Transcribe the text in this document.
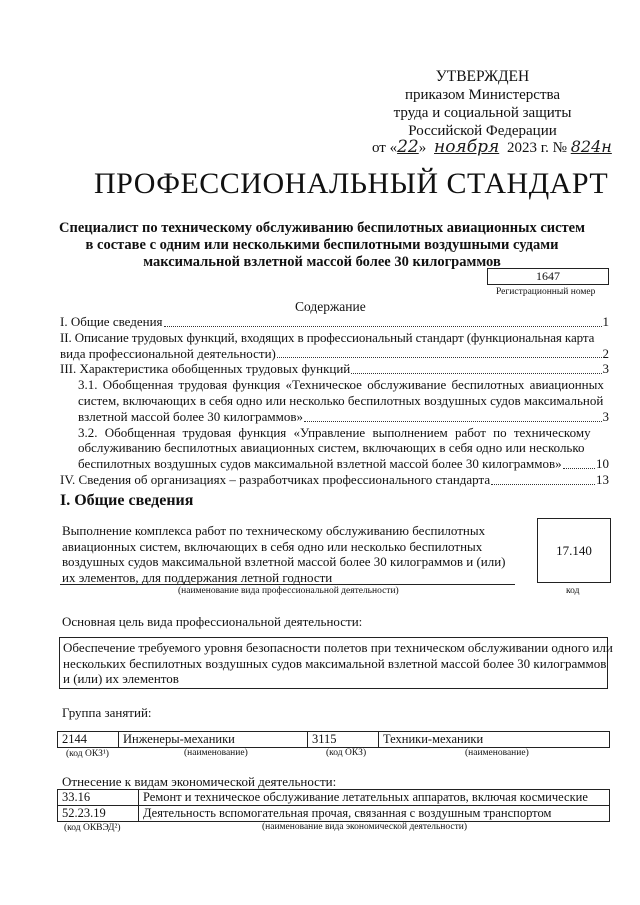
УТВЕРЖДЕН
приказом Министерства
труда и социальной защиты
Российской Федерации
от «22» ноября 2023 г. № 824н
ПРОФЕССИОНАЛЬНЫЙ СТАНДАРТ
Специалист по техническому обслуживанию беспилотных авиационных систем в составе с одним или несколькими беспилотными воздушными судами максимальной взлетной массой более 30 килограммов
1647
Регистрационный номер
Содержание
I. Общие сведения	1
II. Описание трудовых функций, входящих в профессиональный стандарт (функциональная карта
вида профессиональной деятельности)	2
III. Характеристика обобщенных трудовых функций	3
3.1. Обобщенная трудовая функция «Техническое обслуживание беспилотных авиационных
систем, включающих в себя одно или несколько беспилотных воздушных судов максимальной
взлетной массой более 30 килограммов»	3
3.2. Обобщенная трудовая функция «Управление выполнением работ по техническому
обслуживанию беспилотных авиационных систем, включающих в себя одно или несколько
беспилотных воздушных судов максимальной взлетной массой более 30 килограммов»	10
IV. Сведения об организациях – разработчиках профессионального стандарта	13
I. Общие сведения
Выполнение комплекса работ по техническому обслуживанию беспилотных
авиационных систем, включающих в себя одно или несколько беспилотных
воздушных судов максимальной взлетной массой более 30 килограммов и (или)
их элементов, для поддержания летной годности
(наименование вида профессиональной деятельности)
17.140
код
Основная цель вида профессиональной деятельности:
Обеспечение требуемого уровня безопасности полетов при техническом обслуживании одного или
нескольких беспилотных воздушных судов максимальной взлетной массой более 30 килограммов
и (или) их элементов
Группа занятий:
2144	Инженеры-механики	3115	Техники-механики
(код ОКЗ¹)	(наименование)	(код ОКЗ)	(наименование)
Отнесение к видам экономической деятельности:
33.16	Ремонт и техническое обслуживание летательных аппаратов, включая космические
52.23.19	Деятельность вспомогательная прочая, связанная с воздушным транспортом
(код ОКВЭД²)	(наименование вида экономической деятельности)
